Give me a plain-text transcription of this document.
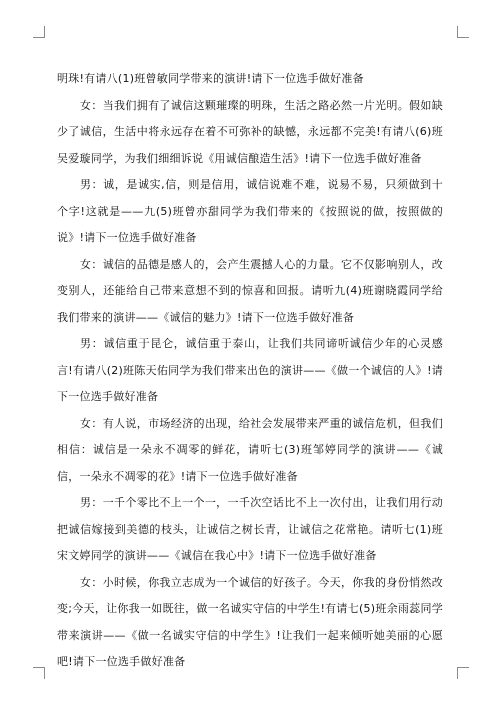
明珠!有请八(1)班曾敏同学带来的演讲!请下一位选手做好准备

女：当我们拥有了诚信这颗璀璨的明珠，生活之路必然一片光明。假如缺少了诚信，生活中将永远存在着不可弥补的缺憾，永远都不完美!有请八(6)班吴爱璇同学，为我们细细诉说《用诚信酿造生活》!请下一位选手做好准备

男：诚，是诚实,信，则是信用，诚信说难不难，说易不易，只须做到十个字!这就是——九(5)班曾亦甜同学为我们带来的《按照说的做，按照做的说》!请下一位选手做好准备

女：诚信的品德是感人的，会产生震撼人心的力量。它不仅影响别人，改变别人，还能给自己带来意想不到的惊喜和回报。请听九(4)班谢晓霞同学给我们带来的演讲——《诚信的魅力》!请下一位选手做好准备

男：诚信重于昆仑，诚信重于泰山，让我们共同谛听诚信少年的心灵感言!有请八(2)班陈天佑同学为我们带来出色的演讲——《做一个诚信的人》!请下一位选手做好准备

女：有人说，市场经济的出现，给社会发展带来严重的诚信危机，但我们相信：诚信是一朵永不凋零的鲜花，请听七(3)班邹婷同学的演讲——《诚信，一朵永不凋零的花》!请下一位选手做好准备

男：一千个零比不上一个一，一千次空话比不上一次付出，让我们用行动把诚信嫁接到美德的枝头，让诚信之树长青，让诚信之花常艳。请听七(1)班宋文婷同学的演讲——《诚信在我心中》!请下一位选手做好准备

女：小时候，你我立志成为一个诚信的好孩子。今天，你我的身份悄然改变;今天，让你我一如既往，做一名诚实守信的中学生!有请七(5)班余雨蕊同学带来演讲——《做一名诚实守信的中学生》!让我们一起来倾听她美丽的心愿吧!请下一位选手做好准备
